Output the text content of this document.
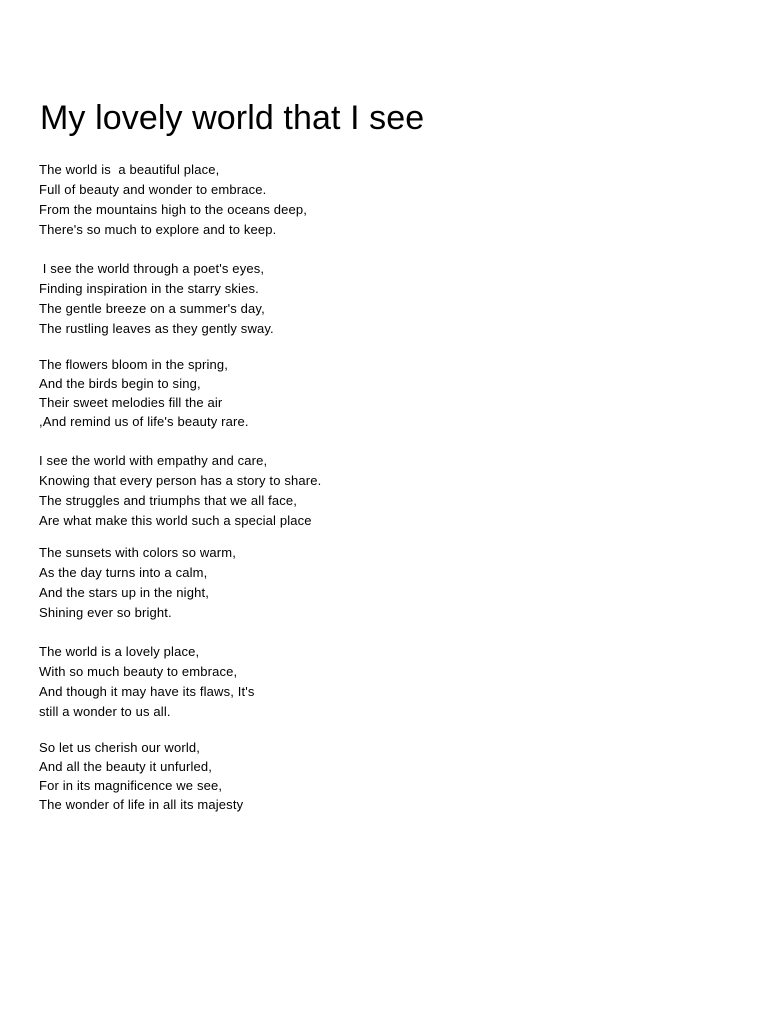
My lovely world that I see
The world is  a beautiful place,
Full of beauty and wonder to embrace.
From the mountains high to the oceans deep,
There's so much to explore and to keep.
I see the world through a poet's eyes,
Finding inspiration in the starry skies.
The gentle breeze on a summer's day,
The rustling leaves as they gently sway.
The flowers bloom in the spring,
And the birds begin to sing,
Their sweet melodies fill the air
,And remind us of life's beauty rare.
I see the world with empathy and care,
Knowing that every person has a story to share.
The struggles and triumphs that we all face,
Are what make this world such a special place
The sunsets with colors so warm,
As the day turns into a calm,
And the stars up in the night,
Shining ever so bright.
The world is a lovely place,
With so much beauty to embrace,
And though it may have its flaws, It's
still a wonder to us all.
So let us cherish our world,
And all the beauty it unfurled,
For in its magnificence we see,
The wonder of life in all its majesty
